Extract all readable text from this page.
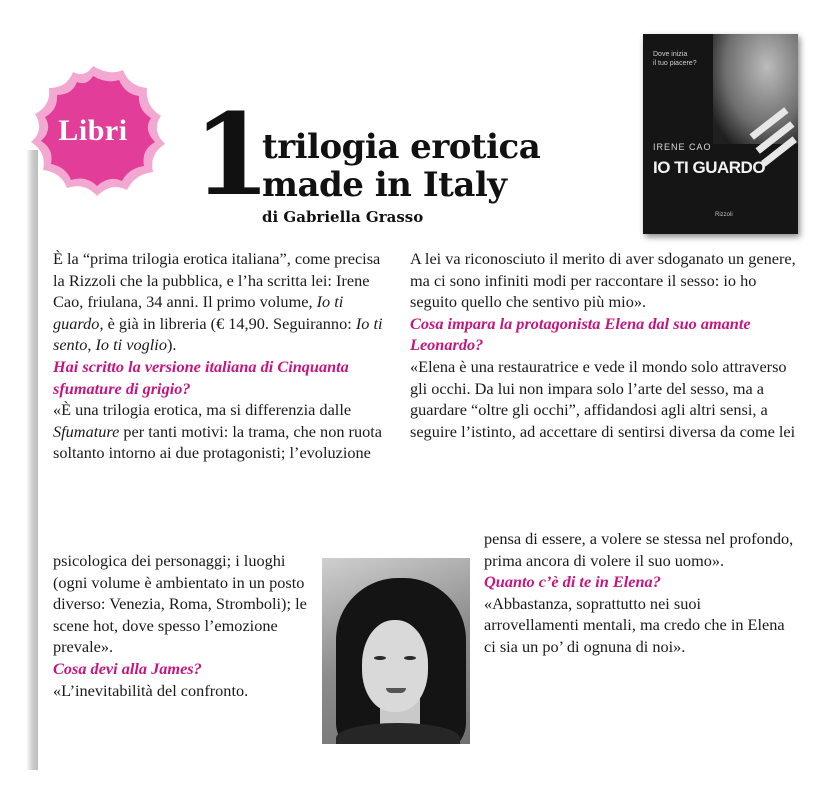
Libri 1
trilogia erotica
made in Italy
di Gabriella Grasso
Dove inizia
il tuo piacere?
IRENE CAO
IO TI GUARDO
Rizzoli

È la “prima trilogia erotica italiana”, come precisa la Rizzoli che la pubblica, e l’ha scritta lei: Irene Cao, friulana, 34 anni. Il primo volume, Io ti guardo, è già in libreria (€ 14,90. Seguiranno: Io ti sento, Io ti voglio).

Hai scritto la versione italiana di Cinquanta sfumature di grigio?

«È una trilogia erotica, ma si differenzia dalle Sfumature per tanti motivi: la trama, che non ruota soltanto intorno ai due protagonisti; l’evoluzione

psicologica dei personaggi; i luoghi (ogni volume è ambientato in un posto diverso: Venezia, Roma, Stromboli); le scene hot, dove spesso l’emozione prevale».

Cosa devi alla James?

«L’inevitabilità del confronto.

A lei va riconosciuto il merito di aver sdoganato un genere, ma ci sono infiniti modi per raccontare il sesso: io ho seguito quello che sentivo più mio».

Cosa impara la protagonista Elena dal suo amante Leonardo?

«Elena è una restauratrice e vede il mondo solo attraverso gli occhi. Da lui non impara solo l’arte del sesso, ma a guardare “oltre gli occhi”, affidandosi agli altri sensi, a seguire l’istinto, ad accettare di sentirsi diversa da come lei

pensa di essere, a volere se stessa nel profondo, prima ancora di volere il suo uomo».

Quanto c’è di te in Elena?

«Abbastanza, soprattutto nei suoi arrovellamenti mentali, ma credo che in Elena ci sia un po’ di ognuna di noi».
